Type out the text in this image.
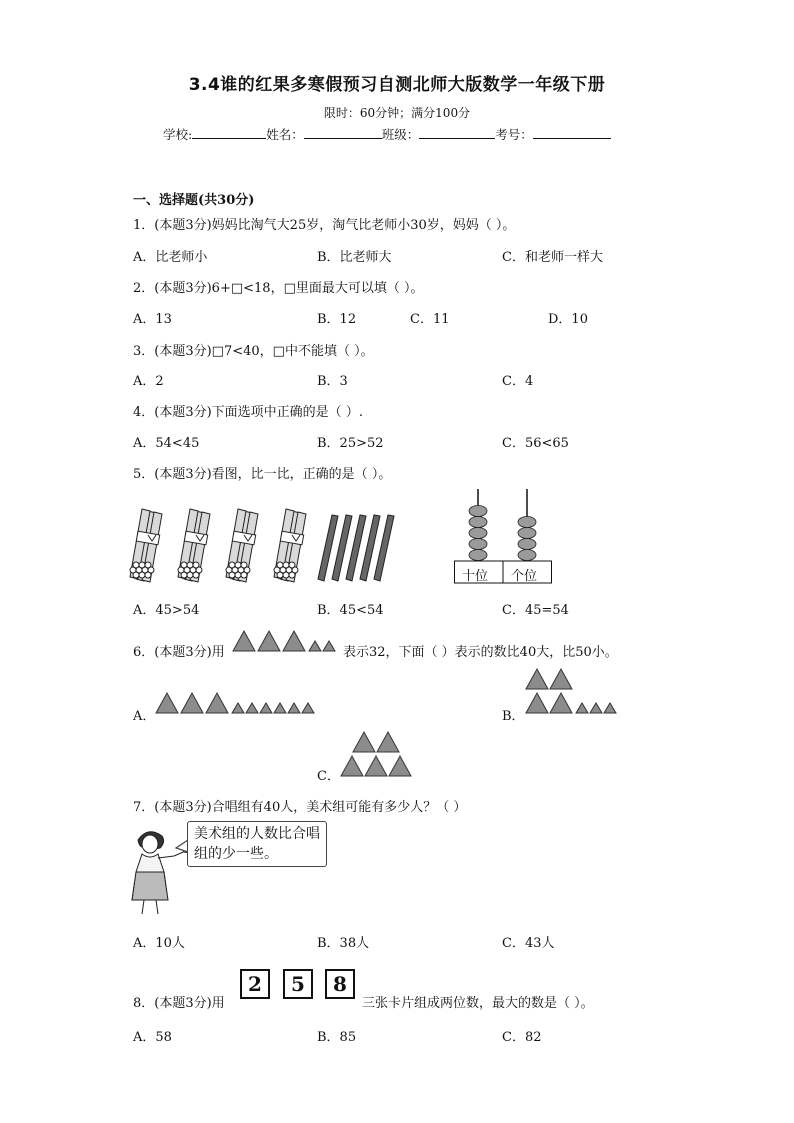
3.4谁的红果多寒假预习自测北师大版数学一年级下册
限时：60分钟；满分100分
学校:	姓名：	班级：	考号：
一、选择题(共30分)
1．(本题3分)妈妈比淘气大25岁，淘气比老师小30岁，妈妈（ ）。
A．比老师小	B．比老师大	C．和老师一样大
2．(本题3分)6+□<18，□里面最大可以填（ ）。
A．13	B．12	C．11	D．10
3．(本题3分)□7<40，□中不能填（ ）。
A．2	B．3	C．4
4．(本题3分)下面选项中正确的是（ ）.
A．54<45	B．25>52	C．56<65
5．(本题3分)看图，比一比，正确的是（ ）。
十位 个位
A．45>54	B．45<54	C．45=54
6．(本题3分)用	表示32，下面（ ）表示的数比40大，比50小。
A．	B．
C．
7．(本题3分)合唱组有40人，美术组可能有多少人？（ ）
美术组的人数比合唱组的少一些。
A．10人	B．38人	C．43人
8．(本题3分)用
2	5	8
三张卡片组成两位数，最大的数是（ ）。
A．58	B．85	C．82
